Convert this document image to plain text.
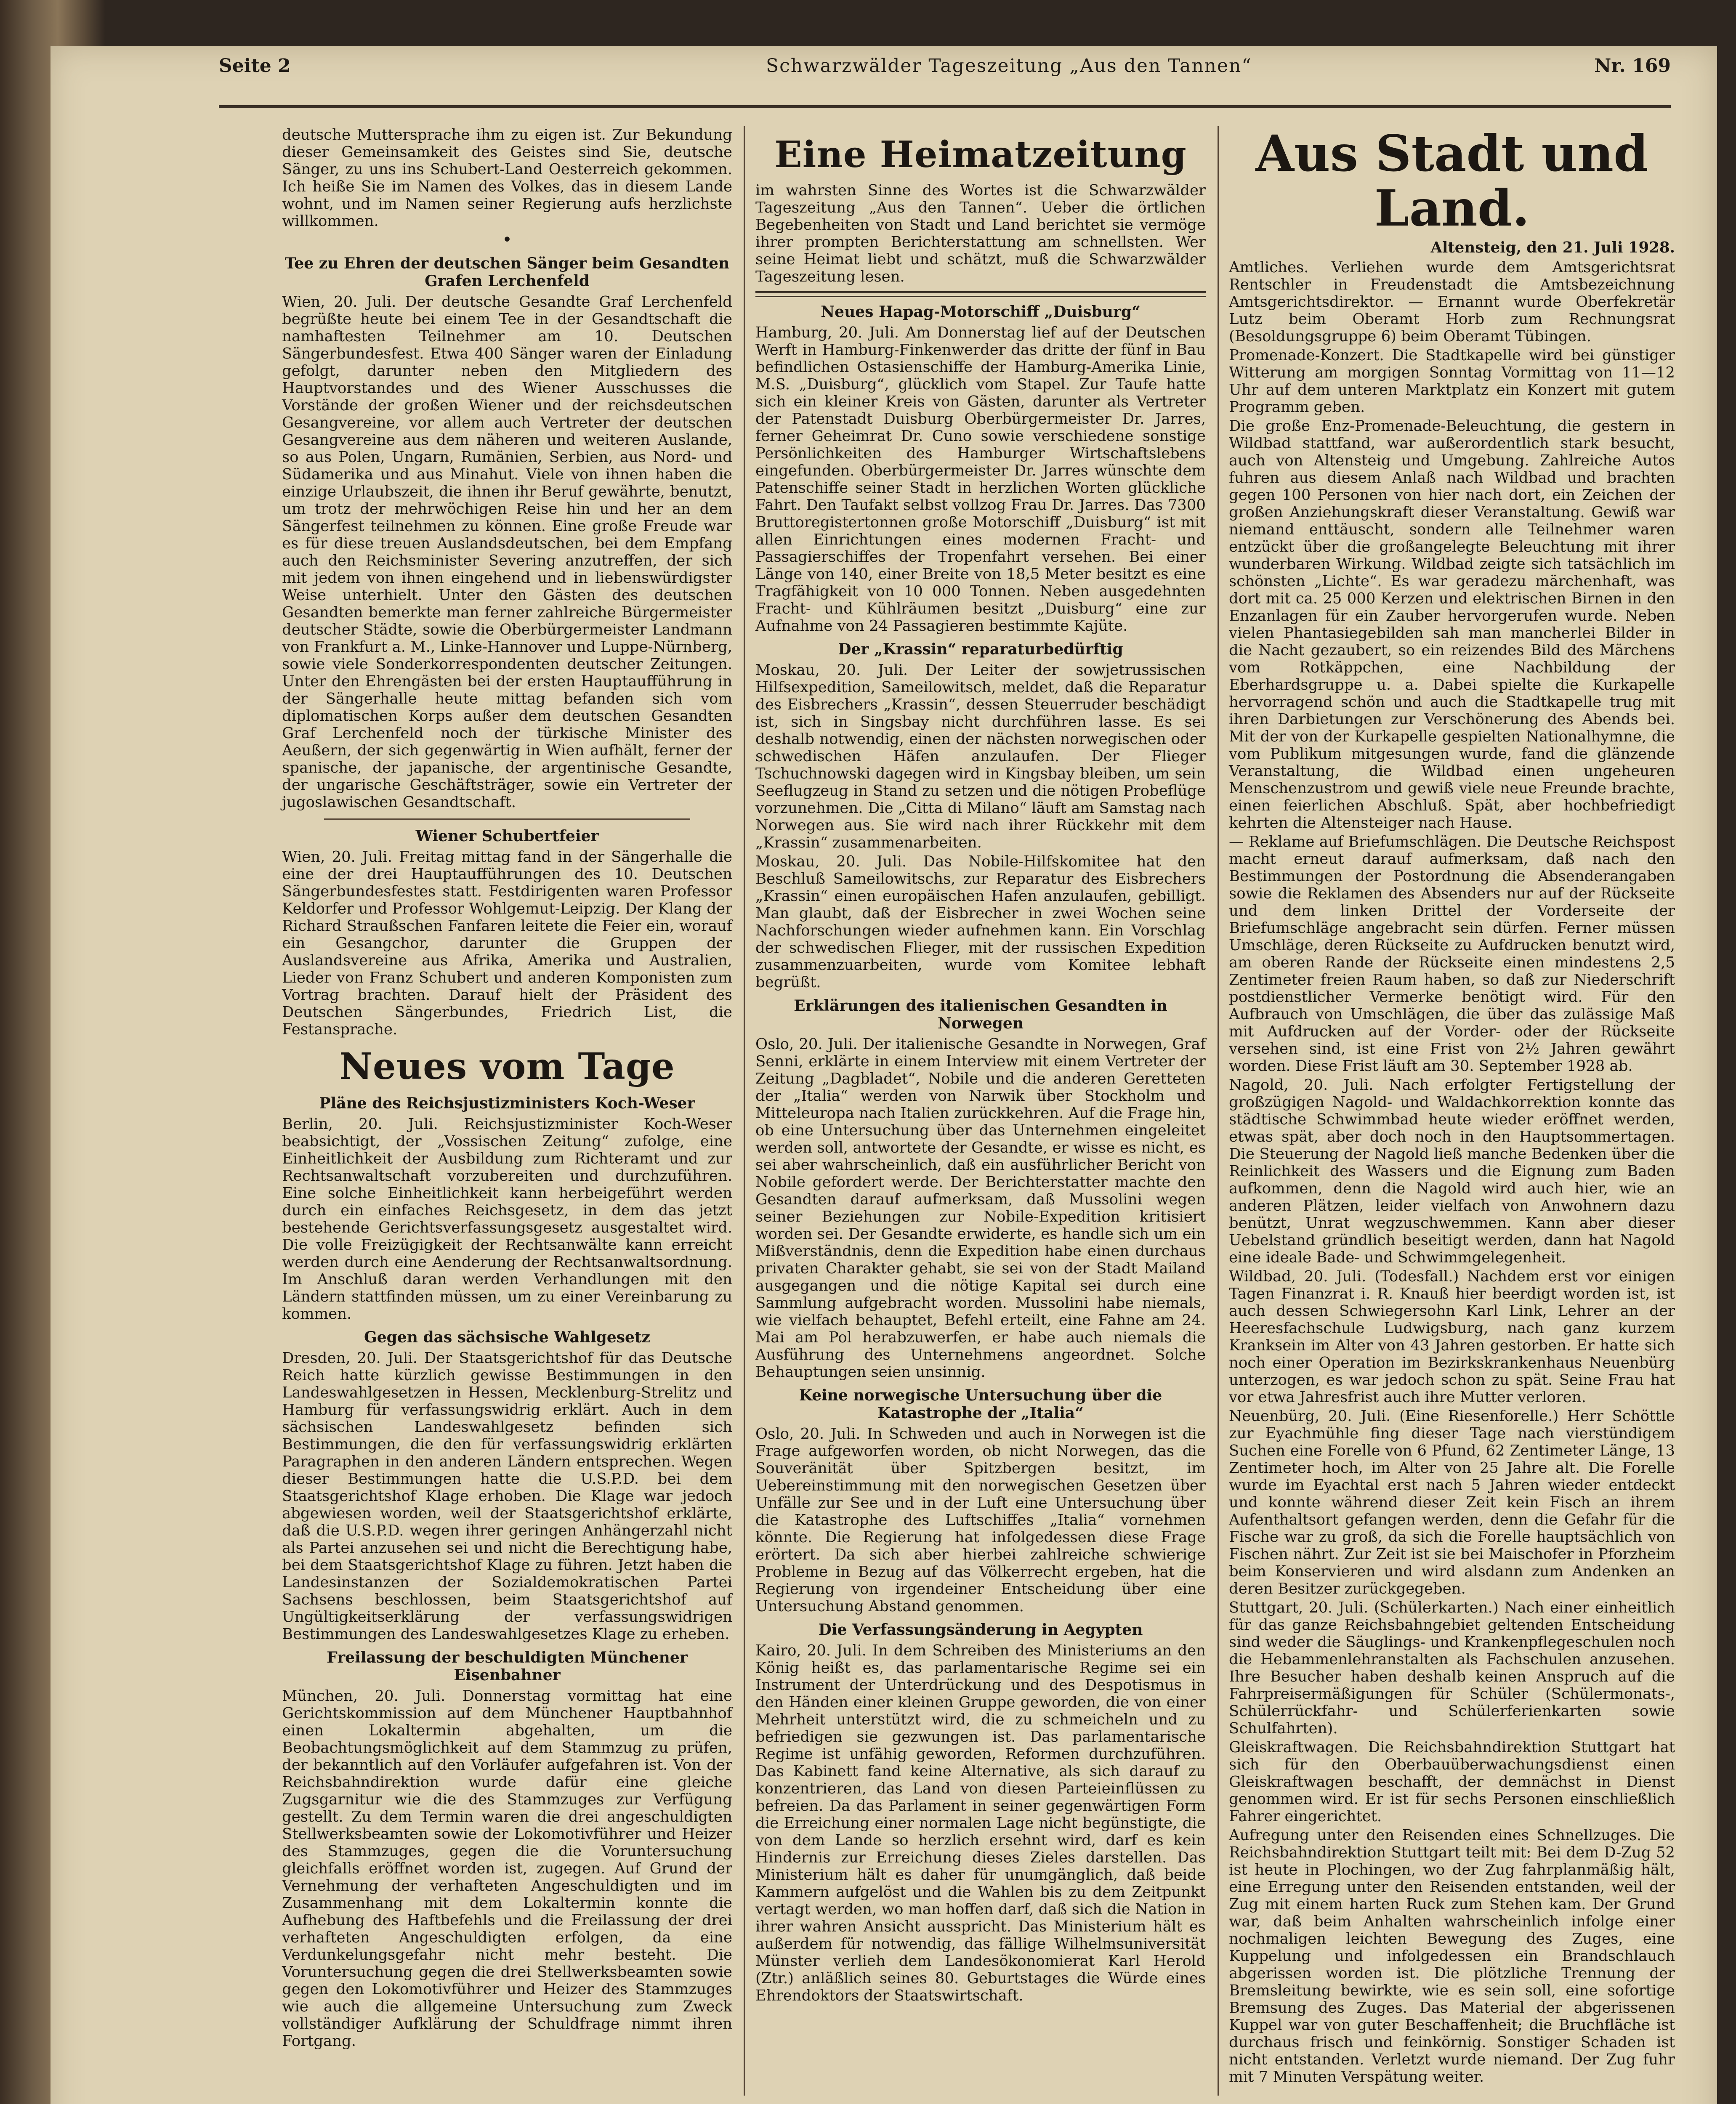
Seite 2	Schwarzwälder Tageszeitung „Aus den Tannen“	Nr. 169

deutsche Muttersprache ihm zu eigen ist. Zur Bekundung dieser Gemeinsamkeit des Geistes sind Sie, deutsche Sänger, zu uns ins Schubert-Land Oesterreich gekommen. Ich heiße Sie im Namen des Volkes, das in diesem Lande wohnt, und im Namen seiner Regierung aufs herzlichste willkommen.

•
Tee zu Ehren der deutschen Sänger beim Gesandten Grafen Lerchenfeld

Wien, 20. Juli. Der deutsche Gesandte Graf Lerchenfeld begrüßte heute bei einem Tee in der Gesandtschaft die namhaftesten Teilnehmer am 10. Deutschen Sängerbundesfest. Etwa 400 Sänger waren der Einladung gefolgt, darunter neben den Mitgliedern des Hauptvorstandes und des Wiener Ausschusses die Vorstände der großen Wiener und der reichsdeutschen Gesangvereine, vor allem auch Vertreter der deutschen Gesangvereine aus dem näheren und weiteren Auslande, so aus Polen, Ungarn, Rumänien, Serbien, aus Nord- und Südamerika und aus Minahut. Viele von ihnen haben die einzige Urlaubszeit, die ihnen ihr Beruf gewährte, benutzt, um trotz der mehrwöchigen Reise hin und her an dem Sängerfest teilnehmen zu können. Eine große Freude war es für diese treuen Auslandsdeutschen, bei dem Empfang auch den Reichsminister Severing anzutreffen, der sich mit jedem von ihnen eingehend und in liebenswürdigster Weise unterhielt. Unter den Gästen des deutschen Gesandten bemerkte man ferner zahlreiche Bürgermeister deutscher Städte, sowie die Oberbürgermeister Landmann von Frankfurt a. M., Linke-Hannover und Luppe-Nürnberg, sowie viele Sonderkorrespondenten deutscher Zeitungen. Unter den Ehrengästen bei der ersten Hauptaufführung in der Sängerhalle heute mittag befanden sich vom diplomatischen Korps außer dem deutschen Gesandten Graf Lerchenfeld noch der türkische Minister des Aeußern, der sich gegenwärtig in Wien aufhält, ferner der spanische, der japanische, der argentinische Gesandte, der ungarische Geschäftsträger, sowie ein Vertreter der jugoslawischen Gesandtschaft.

Wiener Schubertfeier

Wien, 20. Juli. Freitag mittag fand in der Sängerhalle die eine der drei Hauptaufführungen des 10. Deutschen Sängerbundesfestes statt. Festdirigenten waren Professor Keldorfer und Professor Wohlgemut-Leipzig. Der Klang der Richard Straußschen Fanfaren leitete die Feier ein, worauf ein Gesangchor, darunter die Gruppen der Auslandsvereine aus Afrika, Amerika und Australien, Lieder von Franz Schubert und anderen Komponisten zum Vortrag brachten. Darauf hielt der Präsident des Deutschen Sängerbundes, Friedrich List, die Festansprache.

Neues vom Tage
Pläne des Reichsjustizministers Koch-Weser

Berlin, 20. Juli. Reichsjustizminister Koch-Weser beabsichtigt, der „Vossischen Zeitung“ zufolge, eine Einheitlichkeit der Ausbildung zum Richteramt und zur Rechtsanwaltschaft vorzubereiten und durchzuführen. Eine solche Einheitlichkeit kann herbeigeführt werden durch ein einfaches Reichsgesetz, in dem das jetzt bestehende Gerichtsverfassungsgesetz ausgestaltet wird. Die volle Freizügigkeit der Rechtsanwälte kann erreicht werden durch eine Aenderung der Rechtsanwaltsordnung. Im Anschluß daran werden Verhandlungen mit den Ländern stattfinden müssen, um zu einer Vereinbarung zu kommen.

Gegen das sächsische Wahlgesetz

Dresden, 20. Juli. Der Staatsgerichtshof für das Deutsche Reich hatte kürzlich gewisse Bestimmungen in den Landeswahlgesetzen in Hessen, Mecklenburg-Strelitz und Hamburg für verfassungswidrig erklärt. Auch in dem sächsischen Landeswahlgesetz befinden sich Bestimmungen, die den für verfassungswidrig erklärten Paragraphen in den anderen Ländern entsprechen. Wegen dieser Bestimmungen hatte die U.S.P.D. bei dem Staatsgerichtshof Klage erhoben. Die Klage war jedoch abgewiesen worden, weil der Staatsgerichtshof erklärte, daß die U.S.P.D. wegen ihrer geringen Anhängerzahl nicht als Partei anzusehen sei und nicht die Berechtigung habe, bei dem Staatsgerichtshof Klage zu führen. Jetzt haben die Landesinstanzen der Sozialdemokratischen Partei Sachsens beschlossen, beim Staatsgerichtshof auf Ungültigkeitserklärung der verfassungswidrigen Bestimmungen des Landeswahlgesetzes Klage zu erheben.

Freilassung der beschuldigten Münchener Eisenbahner

München, 20. Juli. Donnerstag vormittag hat eine Gerichtskommission auf dem Münchener Hauptbahnhof einen Lokaltermin abgehalten, um die Beobachtungsmöglichkeit auf dem Stammzug zu prüfen, der bekanntlich auf den Vorläufer aufgefahren ist. Von der Reichsbahndirektion wurde dafür eine gleiche Zugsgarnitur wie die des Stammzuges zur Verfügung gestellt. Zu dem Termin waren die drei angeschuldigten Stellwerksbeamten sowie der Lokomotivführer und Heizer des Stammzuges, gegen die die Voruntersuchung gleichfalls eröffnet worden ist, zugegen. Auf Grund der Vernehmung der verhafteten Angeschuldigten und im Zusammenhang mit dem Lokaltermin konnte die Aufhebung des Haftbefehls und die Freilassung der drei verhafteten Angeschuldigten erfolgen, da eine Verdunkelungsgefahr nicht mehr besteht. Die Voruntersuchung gegen die drei Stellwerksbeamten sowie gegen den Lokomotivführer und Heizer des Stammzuges wie auch die allgemeine Untersuchung zum Zweck vollständiger Aufklärung der Schuldfrage nimmt ihren Fortgang.

Eine Heimatzeitung

im wahrsten Sinne des Wortes ist die Schwarzwälder Tageszeitung „Aus den Tannen“. Ueber die örtlichen Begebenheiten von Stadt und Land berichtet sie vermöge ihrer prompten Berichterstattung am schnellsten. Wer seine Heimat liebt und schätzt, muß die Schwarzwälder Tageszeitung lesen.

Neues Hapag-Motorschiff „Duisburg“

Hamburg, 20. Juli. Am Donnerstag lief auf der Deutschen Werft in Hamburg-Finkenwerder das dritte der fünf in Bau befindlichen Ostasienschiffe der Hamburg-Amerika Linie, M.S. „Duisburg“, glücklich vom Stapel. Zur Taufe hatte sich ein kleiner Kreis von Gästen, darunter als Vertreter der Patenstadt Duisburg Oberbürgermeister Dr. Jarres, ferner Geheimrat Dr. Cuno sowie verschiedene sonstige Persönlichkeiten des Hamburger Wirtschaftslebens eingefunden. Oberbürgermeister Dr. Jarres wünschte dem Patenschiffe seiner Stadt in herzlichen Worten glückliche Fahrt. Den Taufakt selbst vollzog Frau Dr. Jarres. Das 7300 Bruttoregistertonnen große Motorschiff „Duisburg“ ist mit allen Einrichtungen eines modernen Fracht- und Passagierschiffes der Tropenfahrt versehen. Bei einer Länge von 140, einer Breite von 18,5 Meter besitzt es eine Tragfähigkeit von 10 000 Tonnen. Neben ausgedehnten Fracht- und Kühlräumen besitzt „Duisburg“ eine zur Aufnahme von 24 Passagieren bestimmte Kajüte.

Der „Krassin“ reparaturbedürftig

Moskau, 20. Juli. Der Leiter der sowjetrussischen Hilfsexpedition, Sameilowitsch, meldet, daß die Reparatur des Eisbrechers „Krassin“, dessen Steuerruder beschädigt ist, sich in Singsbay nicht durchführen lasse. Es sei deshalb notwendig, einen der nächsten norwegischen oder schwedischen Häfen anzulaufen. Der Flieger Tschuchnowski dagegen wird in Kingsbay bleiben, um sein Seeflugzeug in Stand zu setzen und die nötigen Probeflüge vorzunehmen. Die „Citta di Milano“ läuft am Samstag nach Norwegen aus. Sie wird nach ihrer Rückkehr mit dem „Krassin“ zusammenarbeiten.

Moskau, 20. Juli. Das Nobile-Hilfskomitee hat den Beschluß Sameilowitschs, zur Reparatur des Eisbrechers „Krassin“ einen europäischen Hafen anzulaufen, gebilligt. Man glaubt, daß der Eisbrecher in zwei Wochen seine Nachforschungen wieder aufnehmen kann. Ein Vorschlag der schwedischen Flieger, mit der russischen Expedition zusammenzuarbeiten, wurde vom Komitee lebhaft begrüßt.

Erklärungen des italienischen Gesandten in Norwegen

Oslo, 20. Juli. Der italienische Gesandte in Norwegen, Graf Senni, erklärte in einem Interview mit einem Vertreter der Zeitung „Dagbladet“, Nobile und die anderen Geretteten der „Italia“ werden von Narwik über Stockholm und Mitteleuropa nach Italien zurückkehren. Auf die Frage hin, ob eine Untersuchung über das Unternehmen eingeleitet werden soll, antwortete der Gesandte, er wisse es nicht, es sei aber wahrscheinlich, daß ein ausführlicher Bericht von Nobile gefordert werde. Der Berichterstatter machte den Gesandten darauf aufmerksam, daß Mussolini wegen seiner Beziehungen zur Nobile-Expedition kritisiert worden sei. Der Gesandte erwiderte, es handle sich um ein Mißverständnis, denn die Expedition habe einen durchaus privaten Charakter gehabt, sie sei von der Stadt Mailand ausgegangen und die nötige Kapital sei durch eine Sammlung aufgebracht worden. Mussolini habe niemals, wie vielfach behauptet, Befehl erteilt, eine Fahne am 24. Mai am Pol herabzuwerfen, er habe auch niemals die Ausführung des Unternehmens angeordnet. Solche Behauptungen seien unsinnig.

Keine norwegische Untersuchung über die Katastrophe der „Italia“

Oslo, 20. Juli. In Schweden und auch in Norwegen ist die Frage aufgeworfen worden, ob nicht Norwegen, das die Souveränität über Spitzbergen besitzt, im Uebereinstimmung mit den norwegischen Gesetzen über Unfälle zur See und in der Luft eine Untersuchung über die Katastrophe des Luftschiffes „Italia“ vornehmen könnte. Die Regierung hat infolgedessen diese Frage erörtert. Da sich aber hierbei zahlreiche schwierige Probleme in Bezug auf das Völkerrecht ergeben, hat die Regierung von irgendeiner Entscheidung über eine Untersuchung Abstand genommen.

Die Verfassungsänderung in Aegypten

Kairo, 20. Juli. In dem Schreiben des Ministeriums an den König heißt es, das parlamentarische Regime sei ein Instrument der Unterdrückung und des Despotismus in den Händen einer kleinen Gruppe geworden, die von einer Mehrheit unterstützt wird, die zu schmeicheln und zu befriedigen sie gezwungen ist. Das parlamentarische Regime ist unfähig geworden, Reformen durchzuführen. Das Kabinett fand keine Alternative, als sich darauf zu konzentrieren, das Land von diesen Parteieinflüssen zu befreien. Da das Parlament in seiner gegenwärtigen Form die Erreichung einer normalen Lage nicht begünstigte, die von dem Lande so herzlich ersehnt wird, darf es kein Hindernis zur Erreichung dieses Zieles darstellen. Das Ministerium hält es daher für unumgänglich, daß beide Kammern aufgelöst und die Wahlen bis zu dem Zeitpunkt vertagt werden, wo man hoffen darf, daß sich die Nation in ihrer wahren Ansicht ausspricht. Das Ministerium hält es außerdem für notwendig, das fällige Wilhelmsuniversität Münster verlieh dem Landesökonomierat Karl Herold (Ztr.) anläßlich seines 80. Geburtstages die Würde eines Ehrendoktors der Staatswirtschaft.

Aus Stadt und Land.
Altensteig, den 21. Juli 1928.

Amtliches. Verliehen wurde dem Amtsgerichtsrat Rentschler in Freudenstadt die Amtsbezeichnung Amtsgerichtsdirektor. — Ernannt wurde Oberfekretär Lutz beim Oberamt Horb zum Rechnungsrat (Besoldungsgruppe 6) beim Oberamt Tübingen.

Promenade-Konzert. Die Stadtkapelle wird bei günstiger Witterung am morgigen Sonntag Vormittag von 11—12 Uhr auf dem unteren Marktplatz ein Konzert mit gutem Programm geben.

Die große Enz-Promenade-Beleuchtung, die gestern in Wildbad stattfand, war außerordentlich stark besucht, auch von Altensteig und Umgebung. Zahlreiche Autos fuhren aus diesem Anlaß nach Wildbad und brachten gegen 100 Personen von hier nach dort, ein Zeichen der großen Anziehungskraft dieser Veranstaltung. Gewiß war niemand enttäuscht, sondern alle Teilnehmer waren entzückt über die großangelegte Beleuchtung mit ihrer wunderbaren Wirkung. Wildbad zeigte sich tatsächlich im schönsten „Lichte“. Es war geradezu märchenhaft, was dort mit ca. 25 000 Kerzen und elektrischen Birnen in den Enzanlagen für ein Zauber hervorgerufen wurde. Neben vielen Phantasiegebilden sah man mancherlei Bilder in die Nacht gezaubert, so ein reizendes Bild des Märchens vom Rotkäppchen, eine Nachbildung der Eberhardsgruppe u. a. Dabei spielte die Kurkapelle hervorragend schön und auch die Stadtkapelle trug mit ihren Darbietungen zur Verschönerung des Abends bei. Mit der von der Kurkapelle gespielten Nationalhymne, die vom Publikum mitgesungen wurde, fand die glänzende Veranstaltung, die Wildbad einen ungeheuren Menschenzustrom und gewiß viele neue Freunde brachte, einen feierlichen Abschluß. Spät, aber hochbefriedigt kehrten die Altensteiger nach Hause.

— Reklame auf Briefumschlägen. Die Deutsche Reichspost macht erneut darauf aufmerksam, daß nach den Bestimmungen der Postordnung die Absenderangaben sowie die Reklamen des Absenders nur auf der Rückseite und dem linken Drittel der Vorderseite der Briefumschläge angebracht sein dürfen. Ferner müssen Umschläge, deren Rückseite zu Aufdrucken benutzt wird, am oberen Rande der Rückseite einen mindestens 2,5 Zentimeter freien Raum haben, so daß zur Niederschrift postdienstlicher Vermerke benötigt wird. Für den Aufbrauch von Umschlägen, die über das zulässige Maß mit Aufdrucken auf der Vorder- oder der Rückseite versehen sind, ist eine Frist von 2½ Jahren gewährt worden. Diese Frist läuft am 30. September 1928 ab.

Nagold, 20. Juli. Nach erfolgter Fertigstellung der großzügigen Nagold- und Waldachkorrektion konnte das städtische Schwimmbad heute wieder eröffnet werden, etwas spät, aber doch noch in den Hauptsommertagen. Die Steuerung der Nagold ließ manche Bedenken über die Reinlichkeit des Wassers und die Eignung zum Baden aufkommen, denn die Nagold wird auch hier, wie an anderen Plätzen, leider vielfach von Anwohnern dazu benützt, Unrat wegzuschwemmen. Kann aber dieser Uebelstand gründlich beseitigt werden, dann hat Nagold eine ideale Bade- und Schwimmgelegenheit.

Wildbad, 20. Juli. (Todesfall.) Nachdem erst vor einigen Tagen Finanzrat i. R. Knauß hier beerdigt worden ist, ist auch dessen Schwiegersohn Karl Link, Lehrer an der Heeresfachschule Ludwigsburg, nach ganz kurzem Kranksein im Alter von 43 Jahren gestorben. Er hatte sich noch einer Operation im Bezirkskrankenhaus Neuenbürg unterzogen, es war jedoch schon zu spät. Seine Frau hat vor etwa Jahresfrist auch ihre Mutter verloren.

Neuenbürg, 20. Juli. (Eine Riesenforelle.) Herr Schöttle zur Eyachmühle fing dieser Tage nach vierstündigem Suchen eine Forelle von 6 Pfund, 62 Zentimeter Länge, 13 Zentimeter hoch, im Alter von 25 Jahre alt. Die Forelle wurde im Eyachtal erst nach 5 Jahren wieder entdeckt und konnte während dieser Zeit kein Fisch an ihrem Aufenthaltsort gefangen werden, denn die Gefahr für die Fische war zu groß, da sich die Forelle hauptsächlich von Fischen nährt. Zur Zeit ist sie bei Maischofer in Pforzheim beim Konservieren und wird alsdann zum Andenken an deren Besitzer zurückgegeben.

Stuttgart, 20. Juli. (Schülerkarten.) Nach einer einheitlich für das ganze Reichsbahngebiet geltenden Entscheidung sind weder die Säuglings- und Krankenpflegeschulen noch die Hebammenlehranstalten als Fachschulen anzusehen. Ihre Besucher haben deshalb keinen Anspruch auf die Fahrpreisermäßigungen für Schüler (Schülermonats-, Schülerrückfahr- und Schülerferienkarten sowie Schulfahrten).

Gleiskraftwagen. Die Reichsbahndirektion Stuttgart hat sich für den Oberbauüberwachungsdienst einen Gleiskraftwagen beschafft, der demnächst in Dienst genommen wird. Er ist für sechs Personen einschließlich Fahrer eingerichtet.

Aufregung unter den Reisenden eines Schnellzuges. Die Reichsbahndirektion Stuttgart teilt mit: Bei dem D-Zug 52 ist heute in Plochingen, wo der Zug fahrplanmäßig hält, eine Erregung unter den Reisenden entstanden, weil der Zug mit einem harten Ruck zum Stehen kam. Der Grund war, daß beim Anhalten wahrscheinlich infolge einer nochmaligen leichten Bewegung des Zuges, eine Kuppelung und infolgedessen ein Brandschlauch abgerissen worden ist. Die plötzliche Trennung der Bremsleitung bewirkte, wie es sein soll, eine sofortige Bremsung des Zuges. Das Material der abgerissenen Kuppel war von guter Beschaffenheit; die Bruchfläche ist durchaus frisch und feinkörnig. Sonstiger Schaden ist nicht entstanden. Verletzt wurde niemand. Der Zug fuhr mit 7 Minuten Verspätung weiter.
